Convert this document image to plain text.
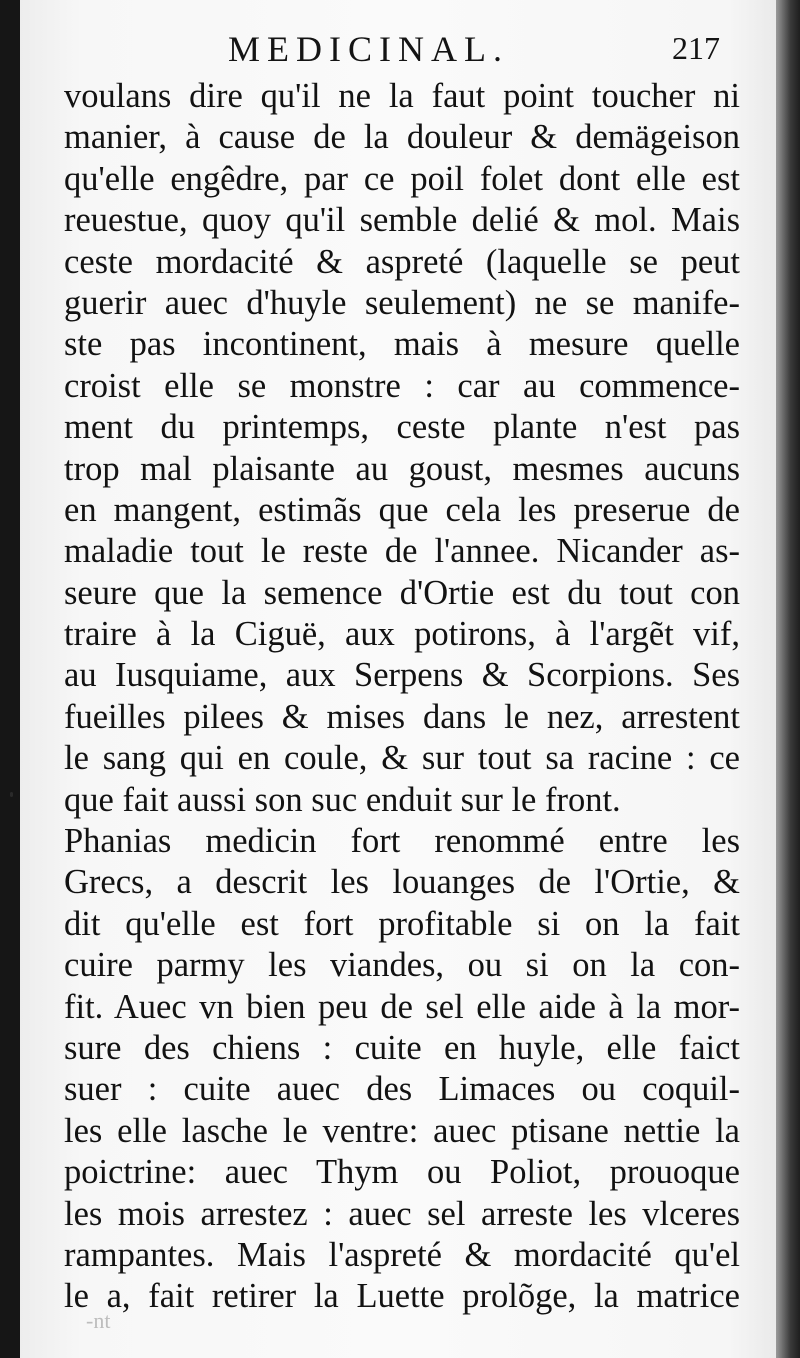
MEDICINAL.	217
voulans dire qu'il ne la faut point toucher ni
manier, à cause de la douleur & demägeison
qu'elle engêdre, par ce poil folet dont elle est
reuestue, quoy qu'il semble delié & mol. Mais
ceste mordacité & aspreté (laquelle se peut
guerir auec d'huyle seulement) ne se manife-
ste pas incontinent, mais à mesure quelle
croist elle se monstre : car au commence-
ment du printemps, ceste plante n'est pas
trop mal plaisante au goust, mesmes aucuns
en mangent, estimãs que cela les preserue de
maladie tout le reste de l'annee. Nicander as-
seure que la semence d'Ortie est du tout con
traire à la Ciguë, aux potirons, à l'argẽt vif,
au Iusquiame, aux Serpens & Scorpions. Ses
fueilles pilees & mises dans le nez, arrestent
le sang qui en coule, & sur tout sa racine : ce
que fait aussi son suc enduit sur le front.
Phanias medicin fort renommé entre les
Grecs, a descrit les louanges de l'Ortie, &
dit qu'elle est fort profitable si on la fait
cuire parmy les viandes, ou si on la con-
fit. Auec vn bien peu de sel elle aide à la mor-
sure des chiens : cuite en huyle, elle faict
suer : cuite auec des Limaces ou coquil-
les elle lasche le ventre: auec ptisane nettie la
poictrine: auec Thym ou Poliot, prouoque
les mois arrestez : auec sel arreste les vlceres
rampantes. Mais l'aspreté & mordacité qu'el
le a, fait retirer la Luette prolõge, la matrice
-nt
